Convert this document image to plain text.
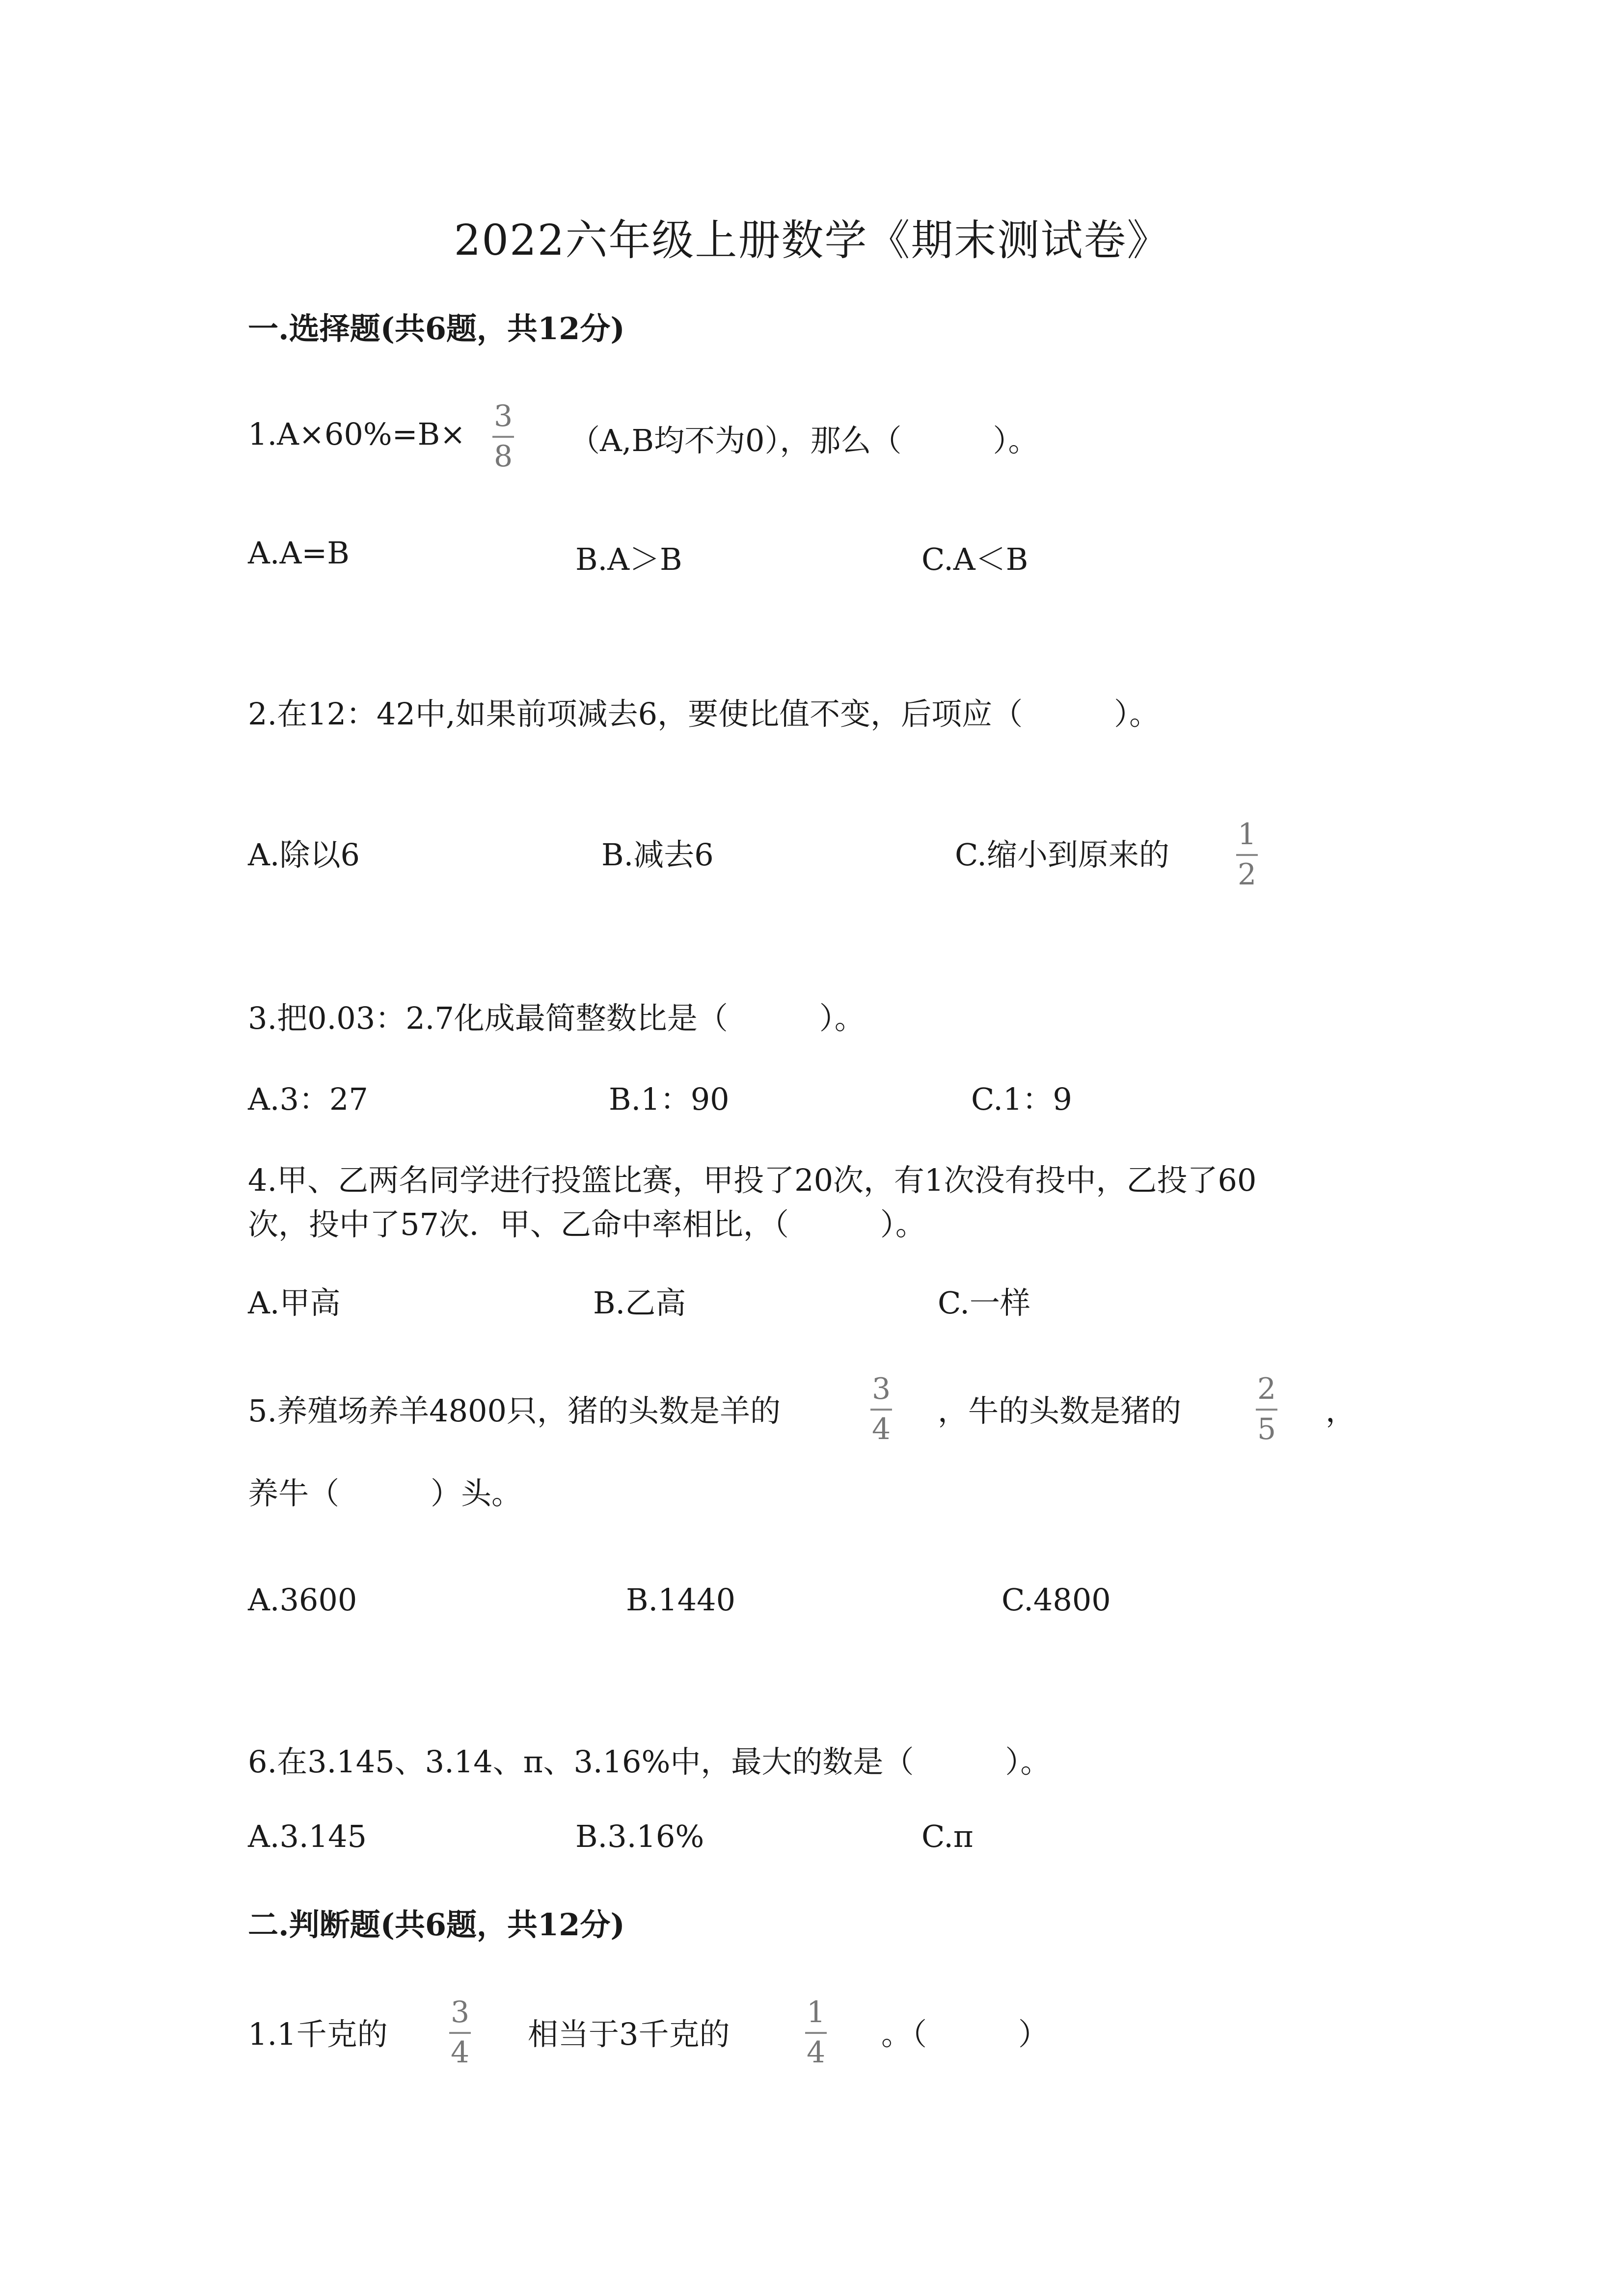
2022六年级上册数学《期末测试卷》
一.选择题(共6题，共12分)
1.A×60%=B× 3
8 （A,B均不为0），那么（　　　）。
A.A=B	B.A＞B	C.A＜B
2.在12：42中,如果前项减去6，要使比值不变，后项应（　　　）。
A.除以6	B.减去6	C.缩小到原来的
1
2
3.把0.03：2.7化成最简整数比是（　　　）。
A.3：27	B.1：90	C.1：9
4.甲、乙两名同学进行投篮比赛，甲投了20次，有1次没有投中，乙投了60
次，投中了57次．甲、乙命中率相比，（　　　）。
A.甲高	B.乙高	C.一样
5.养殖场养羊4800只，猪的头数是羊的
3
4
，牛的头数是猪的
2
5
，
养牛（　　　）头。
A.3600	B.1440	C.4800
6.在3.145、3.14、π、3.16%中，最大的数是（　　　）。
A.3.145	B.3.16%	C.π
二.判断题(共6题，共12分)
1.1千克的
3
4
相当于3千克的
1
4
。（　　　）
